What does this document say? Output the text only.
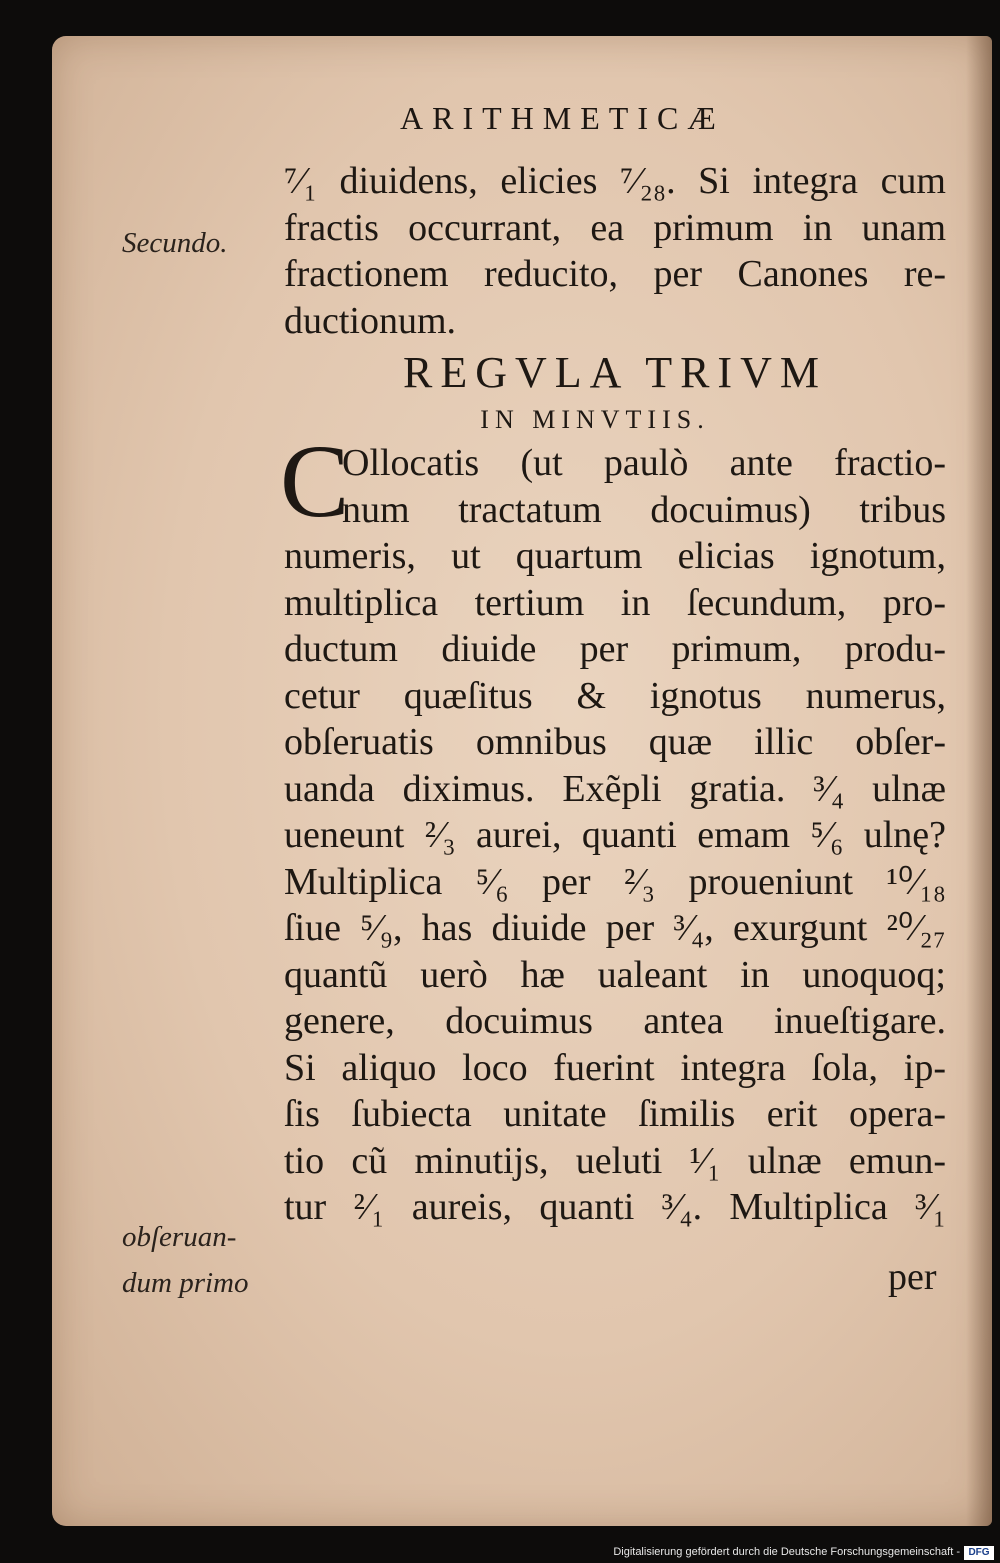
ARITHMETICÆ
Secundo.
obſeruan‑
dum primo
⁷⁄₁ diuidens, elicies ⁷⁄₂₈. Si integra cum
fractis occurrant, ea primum in unam
fractionem reducito, per Canones re‑
ductionum.
REGVLA TRIVM
IN MINVTIIS.
C
Ollocatis (ut paulò ante fractio‑
num tractatum docuimus) tribus
numeris, ut quartum elicias ignotum,
multiplica tertium in ſecundum, pro‑
ductum diuide per primum, produ‑
cetur quæſitus & ignotus numerus,
obſeruatis omnibus quæ illic obſer‑
uanda diximus. Exẽpli gratia. ³⁄₄ ulnæ
ueneunt ²⁄₃ aurei, quanti emam ⁵⁄₆ ulnę?
Multiplica ⁵⁄₆ per ²⁄₃ proueniunt ¹⁰⁄₁₈
ſiue ⁵⁄₉, has diuide per ³⁄₄, exurgunt ²⁰⁄₂₇
quantũ uerò hæ ualeant in unoquoq;
genere, docuimus antea inueſtigare.
Si aliquo loco fuerint integra ſola, ip‑
ſis ſubiecta unitate ſimilis erit opera‑
tio cũ minutijs, ueluti ¹⁄₁ ulnæ emun‑
tur ²⁄₁ aureis, quanti ³⁄₄. Multiplica ³⁄₁
per
Digitalisierung gefördert durch die Deutsche Forschungsgemeinschaft - DFG
